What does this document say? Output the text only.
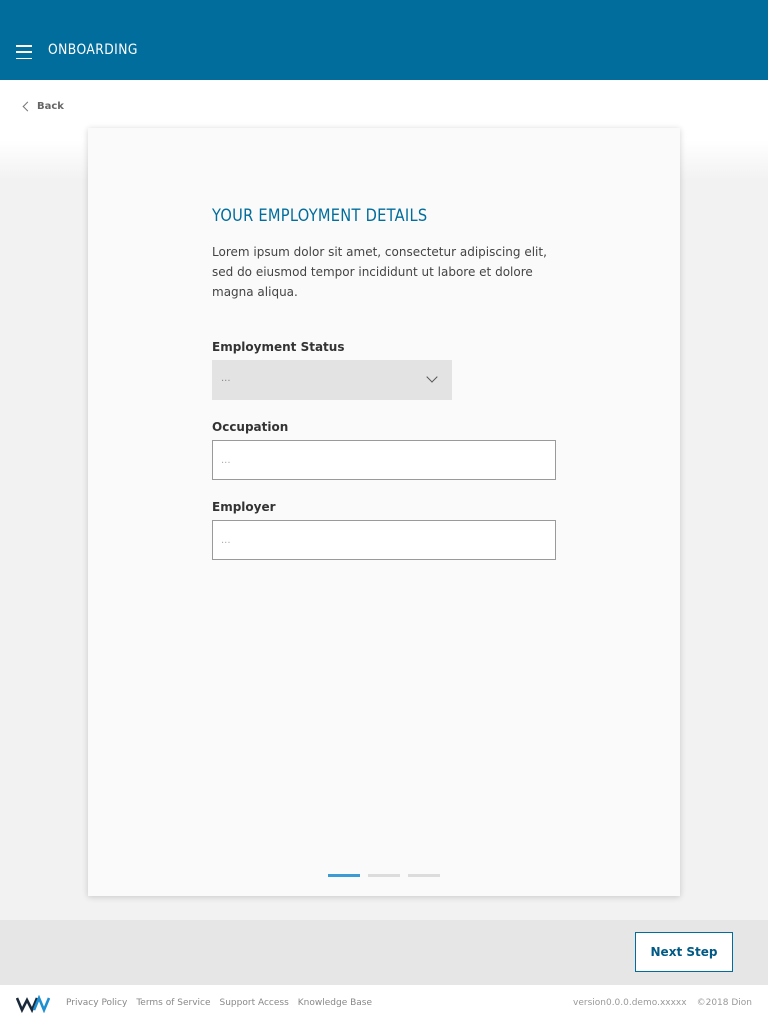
ONBOARDING
Back
YOUR EMPLOYMENT DETAILS
Lorem ipsum dolor sit amet, consectetur adipiscing elit, sed do eiusmod tempor incididunt ut labore et dolore magna aliqua.
Employment Status
...
Occupation
...
Employer
...
Next Step
Privacy Policy Terms of Service Support Access Knowledge Base	version0.0.0.demo.xxxxx ©2018 Dion
